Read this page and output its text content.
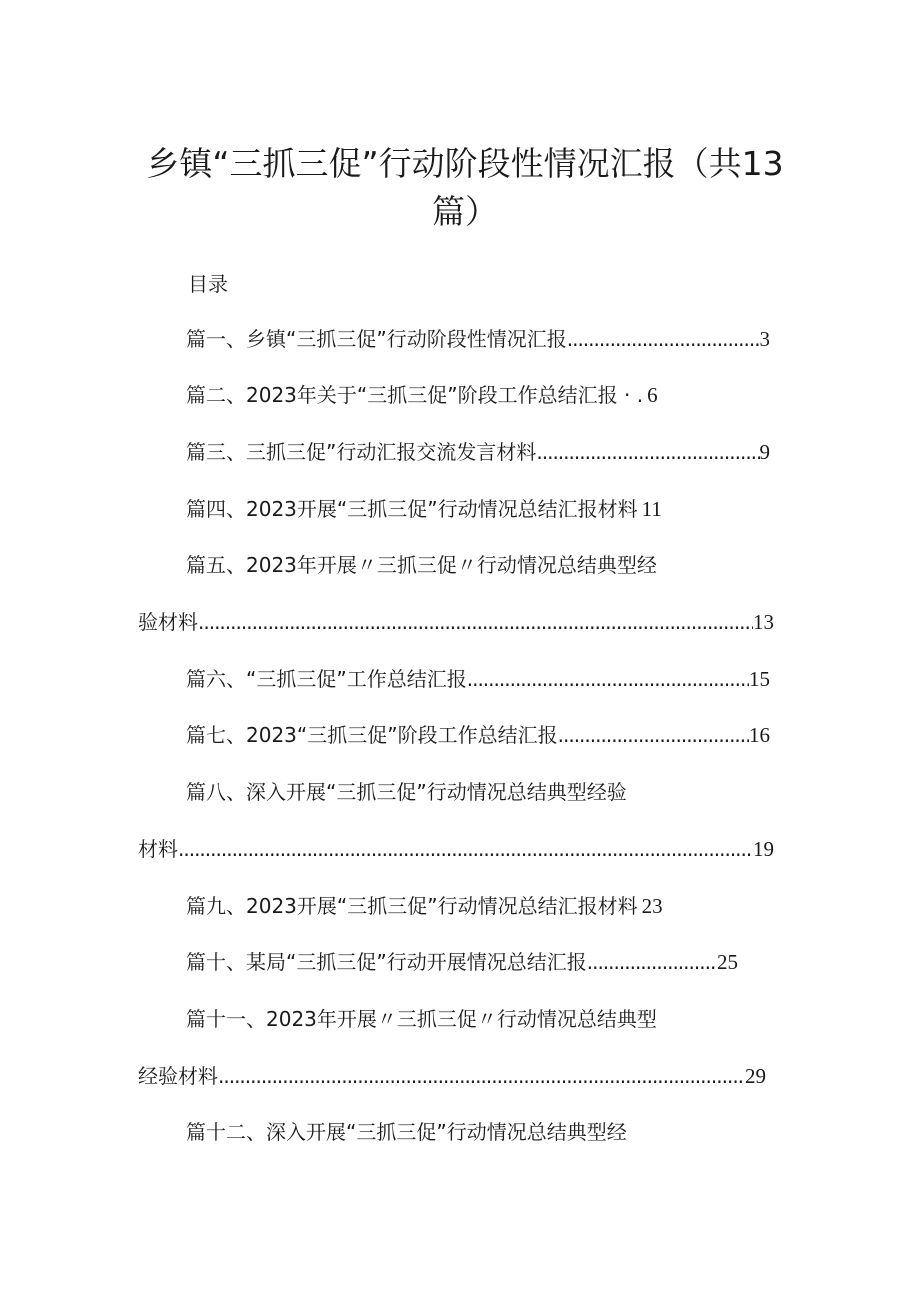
乡镇“三抓三促”行动阶段性情况汇报（共13
篇）
目录
篇一、乡镇“三抓三促”行动阶段性情况汇报 .....	3
篇二、2023年关于“三抓三促”阶段工作总结汇报 · . 6
篇三、三抓三促”行动汇报交流发言材料 .....	9
篇四、2023开展“三抓三促”行动情况总结汇报材料 11
篇五、2023年开展〃三抓三促〃行动情况总结典型经
验材料 .....	13
篇六、“三抓三促”工作总结汇报 .....	15
篇七、2023“三抓三促”阶段工作总结汇报 .....	16
篇八、深入开展“三抓三促”行动情况总结典型经验
材料 .....	19
篇九、2023开展“三抓三促”行动情况总结汇报材料 23
篇十、某局“三抓三促”行动开展情况总结汇报 .....	25
篇十一、2023年开展〃三抓三促〃行动情况总结典型
经验材料 .....	29
篇十二、深入开展“三抓三促”行动情况总结典型经
